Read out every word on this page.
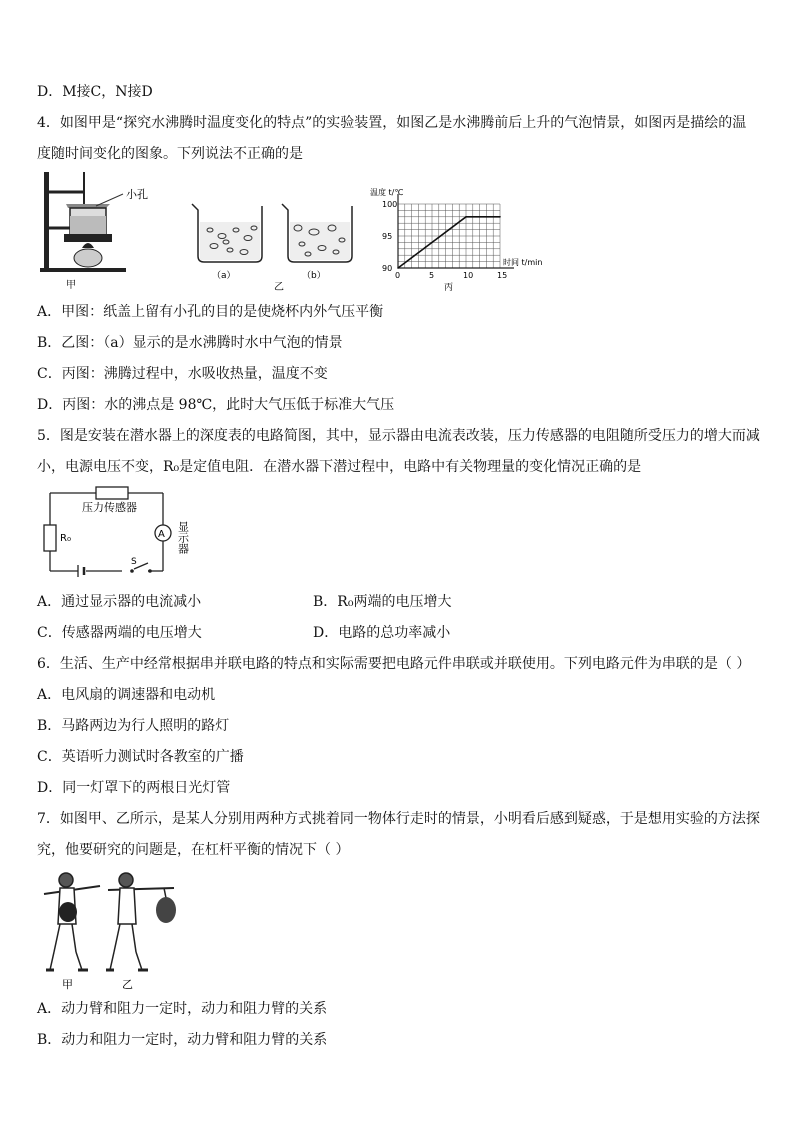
D．M接C，N接D
4．如图甲是“探究水沸腾时温度变化的特点”的实验装置，如图乙是水沸腾前后上升的气泡情景，如图丙是描绘的温
度随时间变化的图象。下列说法不正确的是
小孔
甲
（a）	（b）
乙
温度 t/℃
时间 t/min
丙
90
95
100
0	5	10	15
A．甲图：纸盖上留有小孔的目的是使烧杯内外气压平衡
B．乙图：（a）显示的是水沸腾时水中气泡的情景
C．丙图：沸腾过程中，水吸收热量，温度不变
D．丙图：水的沸点是 98℃，此时大气压低于标准大气压
5．图是安装在潜水器上的深度表的电路简图，其中，显示器由电流表改装，压力传感器的电阻随所受压力的增大而减
小，电源电压不变，R₀是定值电阻．在潜水器下潜过程中，电路中有关物理量的变化情况正确的是
A
压力传感器
R₀
S
显示器
A．通过显示器的电流减小	B．R₀两端的电压增大
C．传感器两端的电压增大	D．电路的总功率减小
6．生活、生产中经常根据串并联电路的特点和实际需要把电路元件串联或并联使用。下列电路元件为串联的是（ ）
A．电风扇的调速器和电动机
B．马路两边为行人照明的路灯
C．英语听力测试时各教室的广播
D．同一灯罩下的两根日光灯管
7．如图甲、乙所示，是某人分别用两种方式挑着同一物体行走时的情景，小明看后感到疑惑，于是想用实验的方法探
究，他要研究的问题是，在杠杆平衡的情况下（ ）
甲	乙
A．动力臂和阻力一定时，动力和阻力臂的关系
B．动力和阻力一定时，动力臂和阻力臂的关系
